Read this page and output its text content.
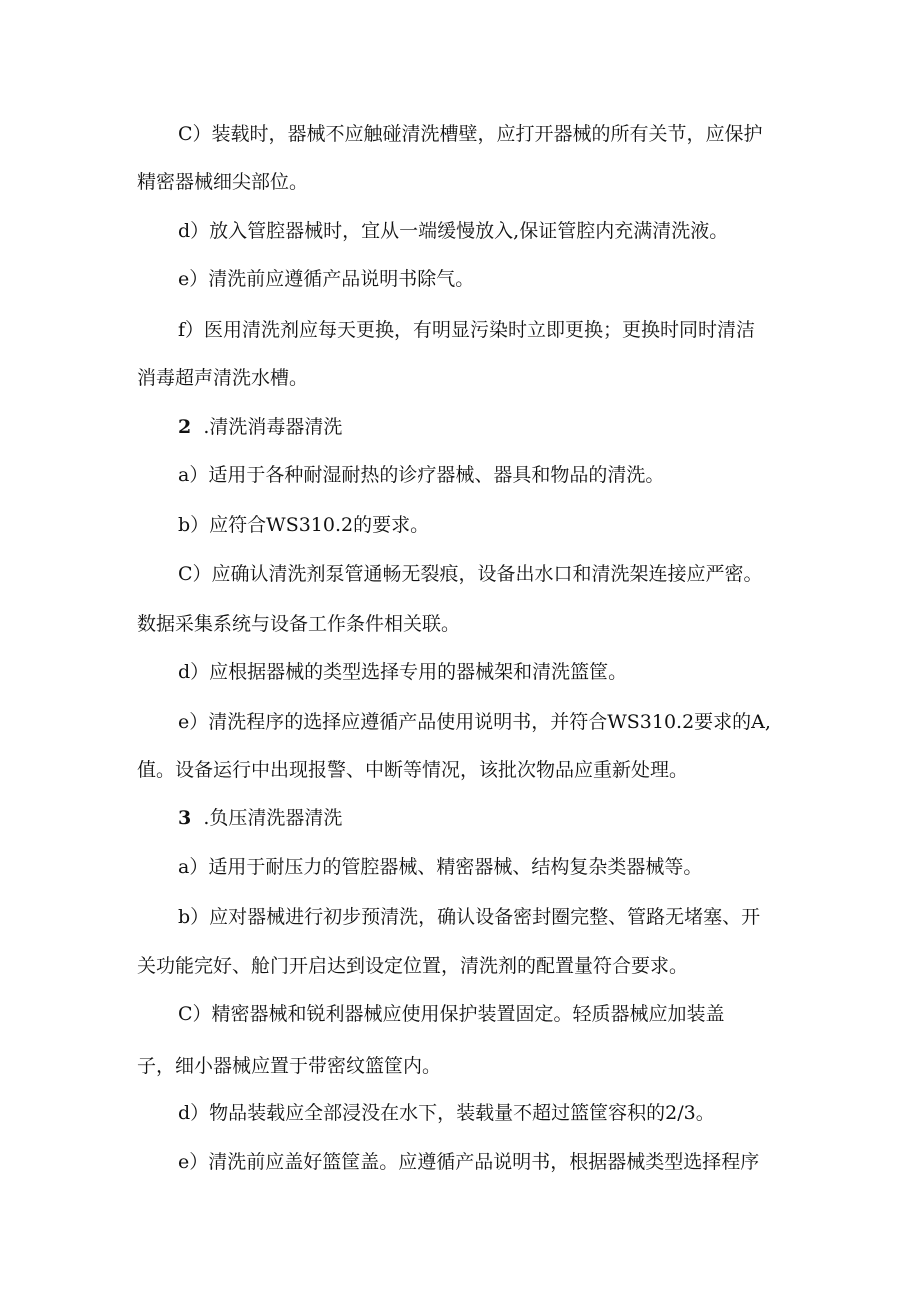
C）装载时，器械不应触碰清洗槽壁，应打开器械的所有关节，应保护

精密器械细尖部位。

d）放入管腔器械时，宜从一端缓慢放入,保证管腔内充满清洗液。

e）清洗前应遵循产品说明书除气。

f）医用清洗剂应每天更换，有明显污染时立即更换；更换时同时清洁

消毒超声清洗水槽。

2 .清洗消毒器清洗

a）适用于各种耐湿耐热的诊疗器械、器具和物品的清洗。

b）应符合WS310.2的要求。

C）应确认清洗剂泵管通畅无裂痕，设备出水口和清洗架连接应严密。

数据采集系统与设备工作条件相关联。

d）应根据器械的类型选择专用的器械架和清洗篮筐。

e）清洗程序的选择应遵循产品使用说明书，并符合WS310.2要求的A,

值。设备运行中出现报警、中断等情况，该批次物品应重新处理。

3 .负压清洗器清洗

a）适用于耐压力的管腔器械、精密器械、结构复杂类器械等。

b）应对器械进行初步预清洗，确认设备密封圈完整、管路无堵塞、开

关功能完好、舱门开启达到设定位置，清洗剂的配置量符合要求。

C）精密器械和锐利器械应使用保护装置固定。轻质器械应加装盖

子，细小器械应置于带密纹篮筐内。

d）物品装载应全部浸没在水下，装载量不超过篮筐容积的2/3。

e）清洗前应盖好篮筐盖。应遵循产品说明书，根据器械类型选择程序
